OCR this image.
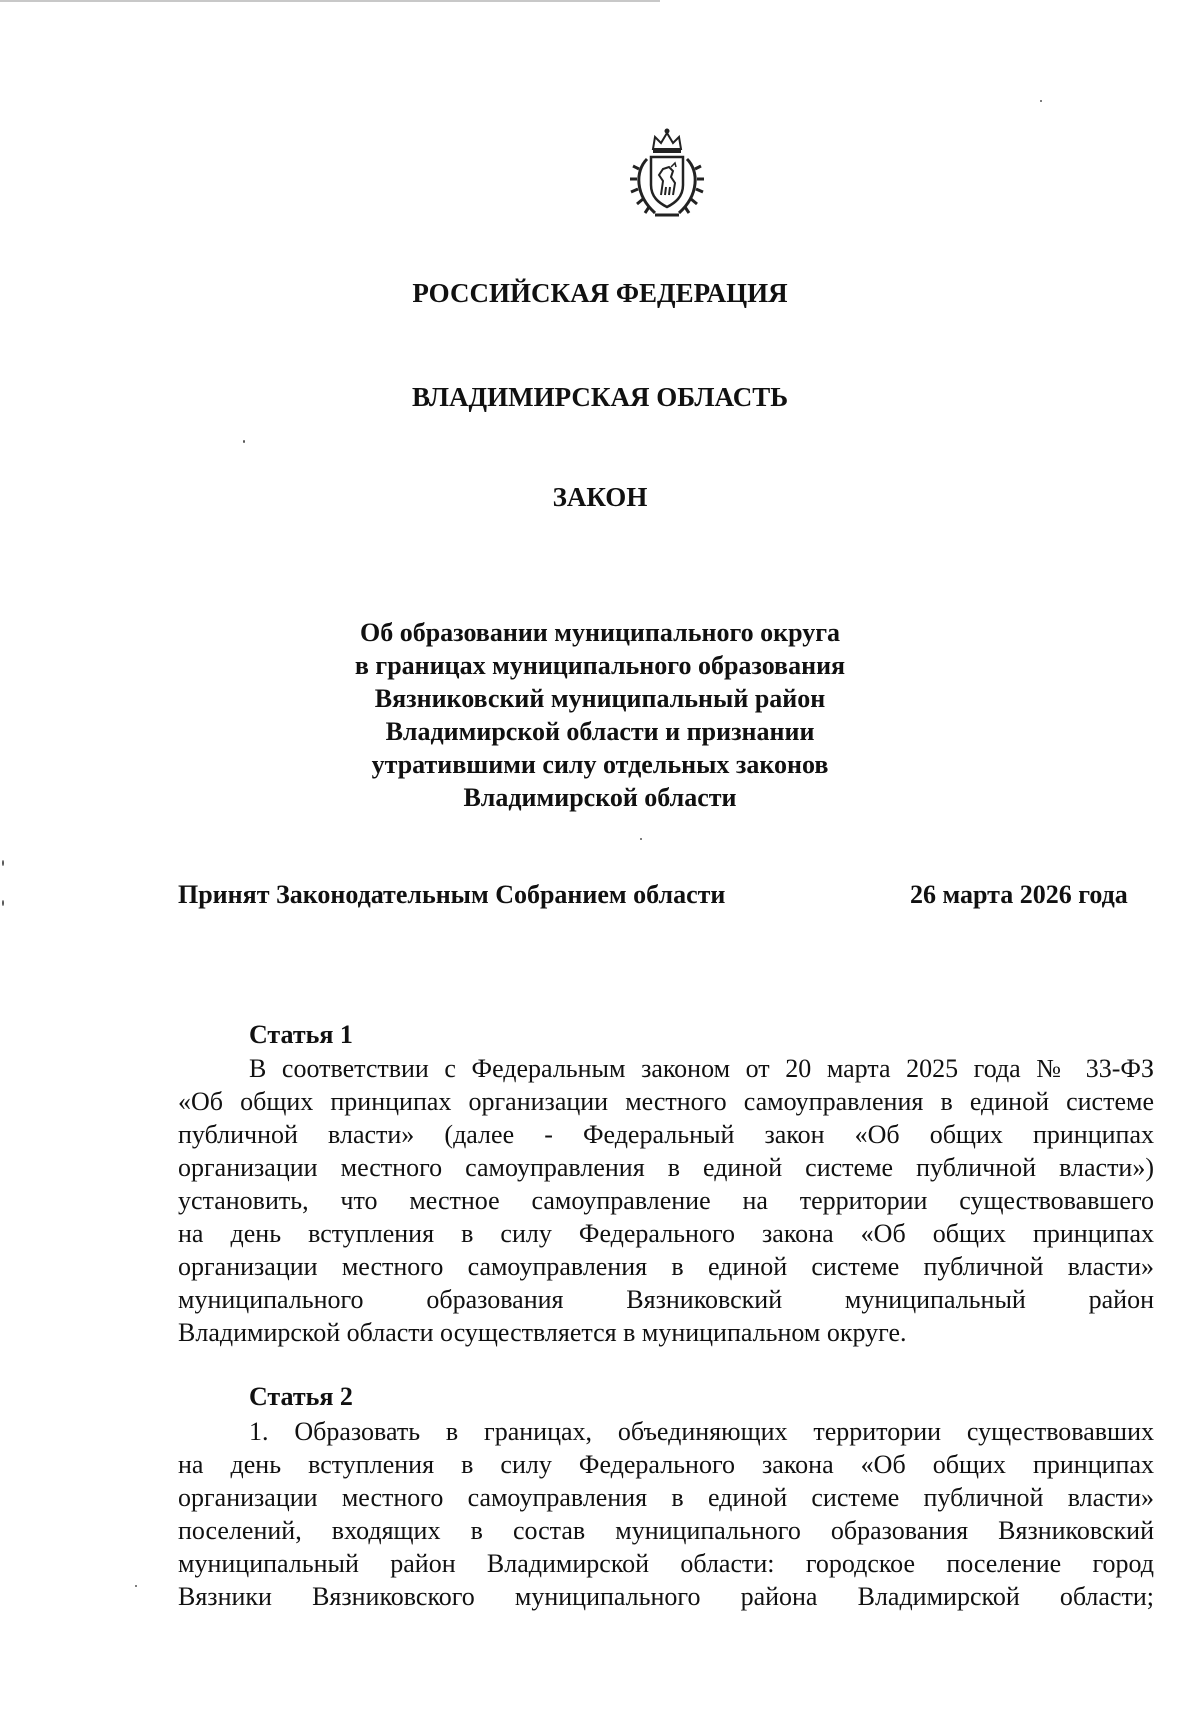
РОССИЙСКАЯ ФЕДЕРАЦИЯ
ВЛАДИМИРСКАЯ ОБЛАСТЬ
ЗАКОН
Об образовании муниципального округа
в границах муниципального образования
Вязниковский муниципальный район
Владимирской области и признании
утратившими силу отдельных законов
Владимирской области
Принят Законодательным Собранием области	26 марта 2026 года
Статья 1
В соответствии с Федеральным законом от 20 марта 2025 года № 33-ФЗ
«Об общих принципах организации местного самоуправления в единой системе
публичной власти» (далее - Федеральный закон «Об общих принципах
организации местного самоуправления в единой системе публичной власти»)
установить, что местное самоуправление на территории существовавшего
на день вступления в силу Федерального закона «Об общих принципах
организации местного самоуправления в единой системе публичной власти»
муниципального образования Вязниковский муниципальный район
Владимирской области осуществляется в муниципальном округе.
Статья 2
1. Образовать в границах, объединяющих территории существовавших
на день вступления в силу Федерального закона «Об общих принципах
организации местного самоуправления в единой системе публичной власти»
поселений, входящих в состав муниципального образования Вязниковский
муниципальный район Владимирской области: городское поселение город
Вязники Вязниковского муниципального района Владимирской области;
